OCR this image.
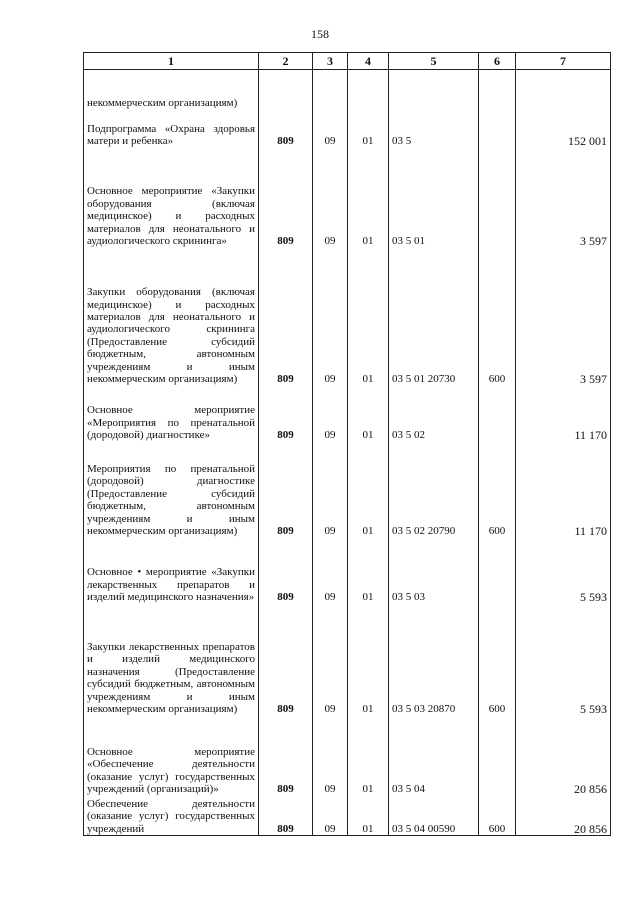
158
1	2	3	4	5	6	7
некоммерческим организациям)						
Подпрограмма «Охрана здоровья матери и ребенка»	809	09	01	03 5		152 001
Основное мероприятие «Закупки оборудования (включая медицинское) и расходных материалов для неонатального и аудиологического скрининга»	809	09	01	03 5 01		3 597
Закупки оборудования (включая медицинское) и расходных материалов для неонатального и аудиологического скрининга (Предоставление субсидий бюджетным, автономным учреждениям и иным некоммерческим организациям)	809	09	01	03 5 01 20730	600	3 597
Основное мероприятие «Мероприятия по пренатальной (дородовой) диагностике»	809	09	01	03 5 02		11 170
Мероприятия по пренатальной (дородовой) диагностике (Предоставление субсидий бюджетным, автономным учреждениям и иным некоммерческим организациям)	809	09	01	03 5 02 20790	600	11 170
Основное • мероприятие «Закупки лекарственных препаратов и изделий медицинского назначения»	809	09	01	03 5 03		5 593
Закупки лекарственных препаратов и изделий медицинского назначения (Предоставление субсидий бюджетным, автономным учреждениям и иным некоммерческим организациям)	809	09	01	03 5 03 20870	600	5 593
Основное мероприятие «Обеспечение деятельности (оказание услуг) государственных учреждений (организаций)»	809	09	01	03 5 04		20 856
Обеспечение деятельности (оказание услуг) государственных учреждений	809	09	01	03 5 04 00590	600	20 856
